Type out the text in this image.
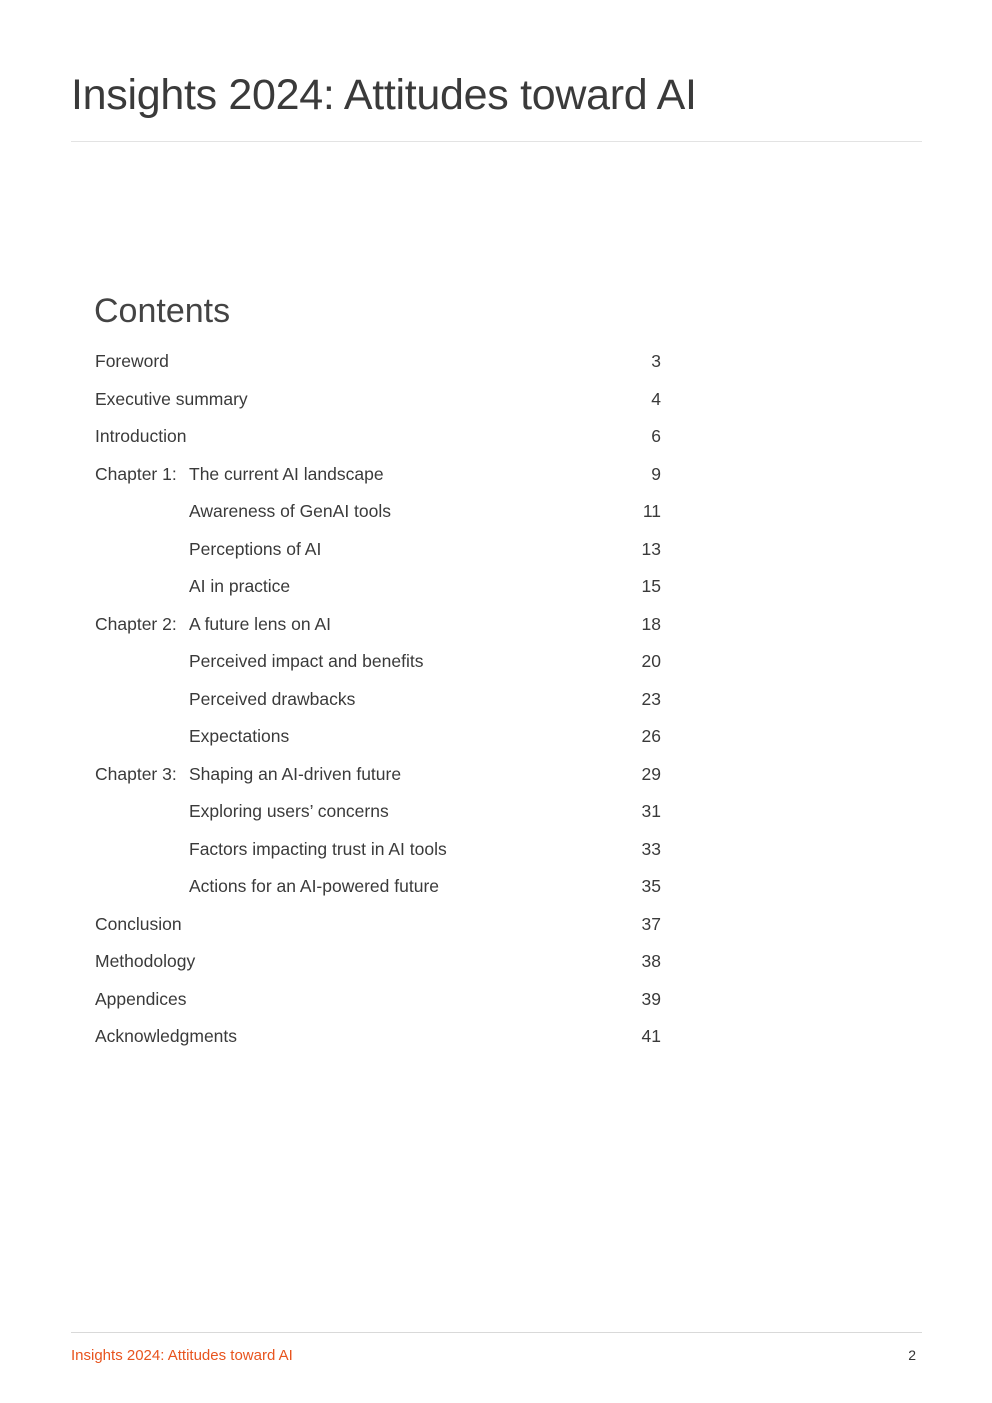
Insights 2024: Attitudes toward AI
Contents
Foreword	3
Executive summary	4
Introduction	6
Chapter 1: The current AI landscape	9
Awareness of GenAI tools	11
Perceptions of AI	13
AI in practice	15
Chapter 2: A future lens on AI	18
Perceived impact and benefits	20
Perceived drawbacks	23
Expectations	26
Chapter 3: Shaping an AI-driven future	29
Exploring users’ concerns	31
Factors impacting trust in AI tools	33
Actions for an AI-powered future	35
Conclusion	37
Methodology	38
Appendices	39
Acknowledgments	41
Insights 2024: Attitudes toward AI	2
